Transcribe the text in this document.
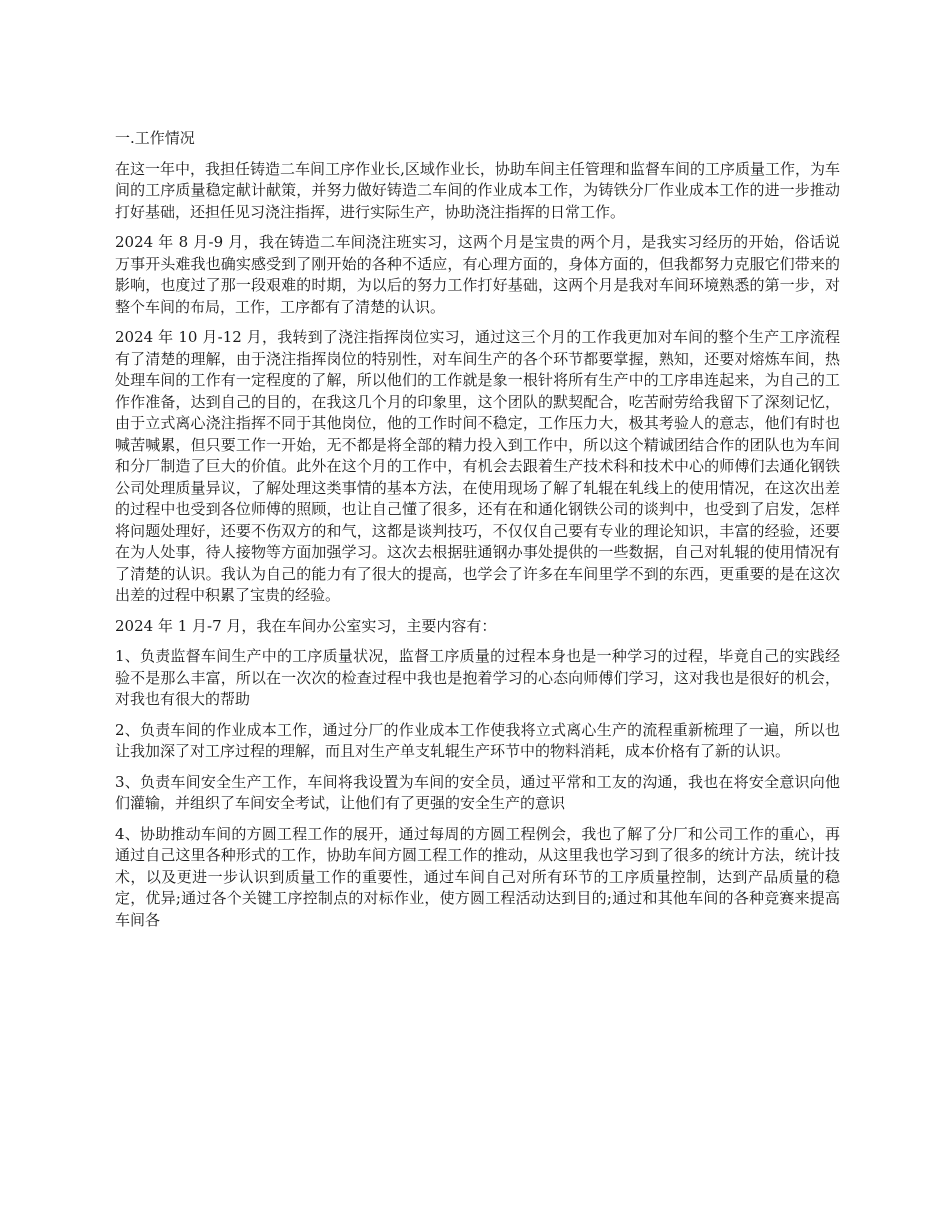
一.工作情况

在这一年中，我担任铸造二车间工序作业长,区域作业长，协助车间主任管理和监督车间的工序质量工作，为车间的工序质量稳定献计献策，并努力做好铸造二车间的作业成本工作，为铸铁分厂作业成本工作的进一步推动打好基础，还担任见习浇注指挥，进行实际生产，协助浇注指挥的日常工作。

2024 年 8 月-9 月，我在铸造二车间浇注班实习，这两个月是宝贵的两个月，是我实习经历的开始，俗话说万事开头难我也确实感受到了刚开始的各种不适应，有心理方面的，身体方面的，但我都努力克服它们带来的影响，也度过了那一段艰难的时期，为以后的努力工作打好基础，这两个月是我对车间环境熟悉的第一步，对整个车间的布局，工作，工序都有了清楚的认识。

2024 年 10 月-12 月，我转到了浇注指挥岗位实习，通过这三个月的工作我更加对车间的整个生产工序流程有了清楚的理解，由于浇注指挥岗位的特别性，对车间生产的各个环节都要掌握，熟知，还要对熔炼车间，热处理车间的工作有一定程度的了解，所以他们的工作就是象一根针将所有生产中的工序串连起来，为自己的工作作准备，达到自己的目的，在我这几个月的印象里，这个团队的默契配合，吃苦耐劳给我留下了深刻记忆，由于立式离心浇注指挥不同于其他岗位，他的工作时间不稳定，工作压力大，极其考验人的意志，他们有时也喊苦喊累，但只要工作一开始，无不都是将全部的精力投入到工作中，所以这个精诚团结合作的团队也为车间和分厂制造了巨大的价值。此外在这个月的工作中，有机会去跟着生产技术科和技术中心的师傅们去通化钢铁公司处理质量异议，了解处理这类事情的基本方法，在使用现场了解了轧辊在轧线上的使用情况，在这次出差的过程中也受到各位师傅的照顾，也让自己懂了很多，还有在和通化钢铁公司的谈判中，也受到了启发，怎样将问题处理好，还要不伤双方的和气，这都是谈判技巧，不仅仅自己要有专业的理论知识，丰富的经验，还要在为人处事，待人接物等方面加强学习。这次去根据驻通钢办事处提供的一些数据，自己对轧辊的使用情况有了清楚的认识。我认为自己的能力有了很大的提高，也学会了许多在车间里学不到的东西，更重要的是在这次出差的过程中积累了宝贵的经验。

2024 年 1 月-7 月，我在车间办公室实习，主要内容有：

1、负责监督车间生产中的工序质量状况，监督工序质量的过程本身也是一种学习的过程，毕竟自己的实践经验不是那么丰富，所以在一次次的检查过程中我也是抱着学习的心态向师傅们学习，这对我也是很好的机会，对我也有很大的帮助

2、负责车间的作业成本工作，通过分厂的作业成本工作使我将立式离心生产的流程重新梳理了一遍，所以也让我加深了对工序过程的理解，而且对生产单支轧辊生产环节中的物料消耗，成本价格有了新的认识。

3、负责车间安全生产工作，车间将我设置为车间的安全员，通过平常和工友的沟通，我也在将安全意识向他们灌输，并组织了车间安全考试，让他们有了更强的安全生产的意识

4、协助推动车间的方圆工程工作的展开，通过每周的方圆工程例会，我也了解了分厂和公司工作的重心，再通过自己这里各种形式的工作，协助车间方圆工程工作的推动，从这里我也学习到了很多的统计方法，统计技术，以及更进一步认识到质量工作的重要性，通过车间自己对所有环节的工序质量控制，达到产品质量的稳定，优异;通过各个关键工序控制点的对标作业，使方圆工程活动达到目的;通过和其他车间的各种竞赛来提高车间各
